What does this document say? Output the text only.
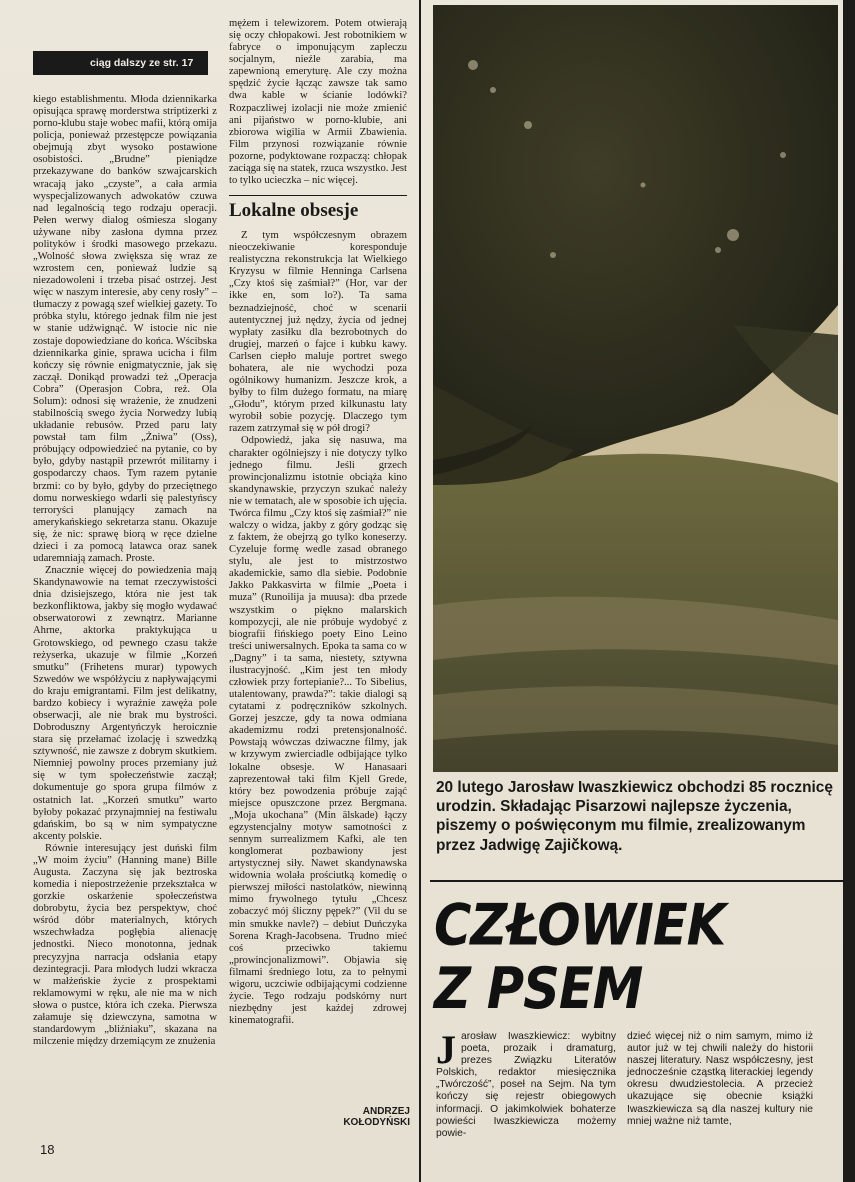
ciąg dalszy ze str. 17

kiego establishmentu. Młoda dziennikarka opisująca sprawę morderstwa striptizerki z porno-klubu staje wobec mafii, którą omija policja, ponieważ przestępcze powiązania obejmują zbyt wysoko postawione osobistości. „Brudne” pieniądze przekazywane do banków szwajcarskich wracają jako „czyste”, a cała armia wyspecjalizowanych adwokatów czuwa nad legalnością tego rodzaju operacji. Pełen werwy dialog ośmiesza slogany używane niby zasłona dymna przez polityków i środki masowego przekazu. „Wolność słowa zwiększa się wraz ze wzrostem cen, ponieważ ludzie są niezadowoleni i trzeba pisać ostrzej. Jest więc w naszym interesie, aby ceny rosły” – tłumaczy z powagą szef wielkiej gazety. To próbka stylu, którego jednak film nie jest w stanie udźwignąć. W istocie nic nie zostaje dopowiedziane do końca. Wścibska dziennikarka ginie, sprawa ucicha i film kończy się równie enigmatycznie, jak się zaczął. Donikąd prowadzi też „Operacja Cobra” (Operasjon Cobra, reż. Ola Solum): odnosi się wrażenie, że znudzeni stabilnością swego życia Norwedzy lubią układanie rebusów. Przed paru laty powstał tam film „Żniwa” (Oss), próbujący odpowiedzieć na pytanie, co by było, gdyby nastąpił przewrót militarny i gospodarczy chaos. Tym razem pytanie brzmi: co by było, gdyby do przeciętnego domu norweskiego wdarli się palestyńscy terroryści planujący zamach na amerykańskiego sekretarza stanu. Okazuje się, że nic: sprawę biorą w ręce dzielne dzieci i za pomocą latawca oraz sanek udaremniają zamach. Proste.

Znacznie więcej do powiedzenia mają Skandynawowie na temat rzeczywistości dnia dzisiejszego, która nie jest tak bezkonfliktowa, jakby się mogło wydawać obserwatorowi z zewnątrz. Marianne Ahrne, aktorka praktykująca u Grotowskiego, od pewnego czasu także reżyserka, ukazuje w filmie „Korzeń smutku” (Frihetens murar) typowych Szwedów we współżyciu z napływającymi do kraju emigrantami. Film jest delikatny, bardzo kobiecy i wyraźnie zawęża pole obserwacji, ale nie brak mu bystrości. Dobroduszny Argentyńczyk heroicznie stara się przełamać izolację i szwedzką sztywność, nie zawsze z dobrym skutkiem. Niemniej powolny proces przemiany już się w tym społeczeństwie zaczął; dokumentuje go spora grupa filmów z ostatnich lat. „Korzeń smutku” warto byłoby pokazać przynajmniej na festiwalu gdańskim, bo są w nim sympatyczne akcenty polskie.

Równie interesujący jest duński film „W moim życiu” (Hanning mane) Bille Augusta. Zaczyna się jak beztroska komedia i niepostrzeżenie przekształca w gorzkie oskarżenie społeczeństwa dobrobytu, życia bez perspektyw, choć wśród dóbr materialnych, których wszechwładza pogłębia alienację jednostki. Nieco monotonna, jednak precyzyjna narracja odsłania etapy dezintegracji. Para młodych ludzi wkracza w małżeńskie życie z prospektami reklamowymi w ręku, ale nie ma w nich słowa o pustce, która ich czeka. Pierwsza załamuje się dziewczyna, samotna w standardowym „bliźniaku”, skazana na milczenie między drzemiącym ze znużenia

mężem i telewizorem. Potem otwierają się oczy chłopakowi. Jest robotnikiem w fabryce o imponującym zapleczu socjalnym, nieźle zarabia, ma zapewnioną emeryturę. Ale czy można spędzić życie łącząc zawsze tak samo dwa kable w ścianie lodówki? Rozpaczliwej izolacji nie może zmienić ani pijaństwo w porno-klubie, ani zbiorowa wigilia w Armii Zbawienia. Film przynosi rozwiązanie równie pozorne, podyktowane rozpaczą: chłopak zaciąga się na statek, rzuca wszystko. Jest to tylko ucieczka – nic więcej.

Lokalne obsesje

Z tym współczesnym obrazem nieoczekiwanie koresponduje realistyczna rekonstrukcja lat Wielkiego Kryzysu w filmie Henninga Carlsena „Czy ktoś się zaśmiał?” (Hor, var der ikke en, som lo?). Ta sama beznadziejność, choć w scenarii autentycznej już nędzy, życia od jednej wypłaty zasiłku dla bezrobotnych do drugiej, marzeń o fajce i kubku kawy. Carlsen ciepło maluje portret swego bohatera, ale nie wychodzi poza ogólnikowy humanizm. Jeszcze krok, a byłby to film dużego formatu, na miarę „Głodu”, którym przed kilkunastu laty wyrobił sobie pozycję. Dlaczego tym razem zatrzymał się w pół drogi?

Odpowiedź, jaka się nasuwa, ma charakter ogólniejszy i nie dotyczy tylko jednego filmu. Jeśli grzech prowincjonalizmu istotnie obciąża kino skandynawskie, przyczyn szukać należy nie w tematach, ale w sposobie ich ujęcia. Twórca filmu „Czy ktoś się zaśmiał?” nie walczy o widza, jakby z góry godząc się z faktem, że obejrzą go tylko koneserzy. Cyzeluje formę wedle zasad obranego stylu, ale jest to mistrzostwo akademickie, samo dla siebie. Podobnie Jakko Pakkasvirta w filmie „Poeta i muza” (Runoilija ja muusa): dba przede wszystkim o piękno malarskich kompozycji, ale nie próbuje wydobyć z biografii fińskiego poety Eino Leino treści uniwersalnych. Epoka ta sama co w „Dagny” i ta sama, niestety, sztywna ilustracyjność. „Kim jest ten młody człowiek przy fortepianie?... To Sibelius, utalentowany, prawda?”: takie dialogi są cytatami z podręczników szkolnych. Gorzej jeszcze, gdy ta nowa odmiana akademizmu rodzi pretensjonalność. Powstają wówczas dziwaczne filmy, jak w krzywym zwierciadle odbijające tylko lokalne obsesje. W Hanasaari zaprezentował taki film Kjell Grede, który bez powodzenia próbuje zająć miejsce opuszczone przez Bergmana. „Moja ukochana” (Min älskade) łączy egzystencjalny motyw samotności z sennym surrealizmem Kafki, ale ten konglomerat pozbawiony jest artystycznej siły. Nawet skandynawska widownia wolała prościutką komedię o pierwszej miłości nastolatków, niewinną mimo frywolnego tytułu „Chcesz zobaczyć mój śliczny pępek?” (Vil du se min smukke navle?) – debiut Duńczyka Sorena Kragh-Jacobsena. Trudno mieć coś przeciwko takiemu „prowincjonalizmowi”. Objawia się filmami średniego lotu, za to pełnymi wigoru, uczciwie odbijającymi codzienne życie. Tego rodzaju podskórny nurt niezbędny jest każdej zdrowej kinematografii.

ANDRZEJ
KOŁODYŃSKI
18
20 lutego Jarosław Iwaszkiewicz obchodzi 85 rocznicę urodzin. Składając Pisarzowi najlepsze życzenia, piszemy o poświęconym mu filmie, zrealizowanym przez Jadwigę Zajičkową.
CZŁOWIEK
Z PSEM
Jarosław Iwaszkiewicz: wybitny poeta, prozaik i dramaturg, prezes Związku Literatów Polskich, redaktor miesięcznika „Twórczość”, poseł na Sejm. Na tym kończy się rejestr obiegowych informacji. O jakimkolwiek bohaterze powieści Iwaszkiewicza możemy powie-
dzieć więcej niż o nim samym, mimo iż autor już w tej chwili należy do historii naszej literatury. Nasz współczesny, jest jednocześnie cząstką literackiej legendy okresu dwudziestolecia. A przecież ukazujące się obecnie książki Iwaszkiewicza są dla naszej kultury nie mniej ważne niż tamte,
